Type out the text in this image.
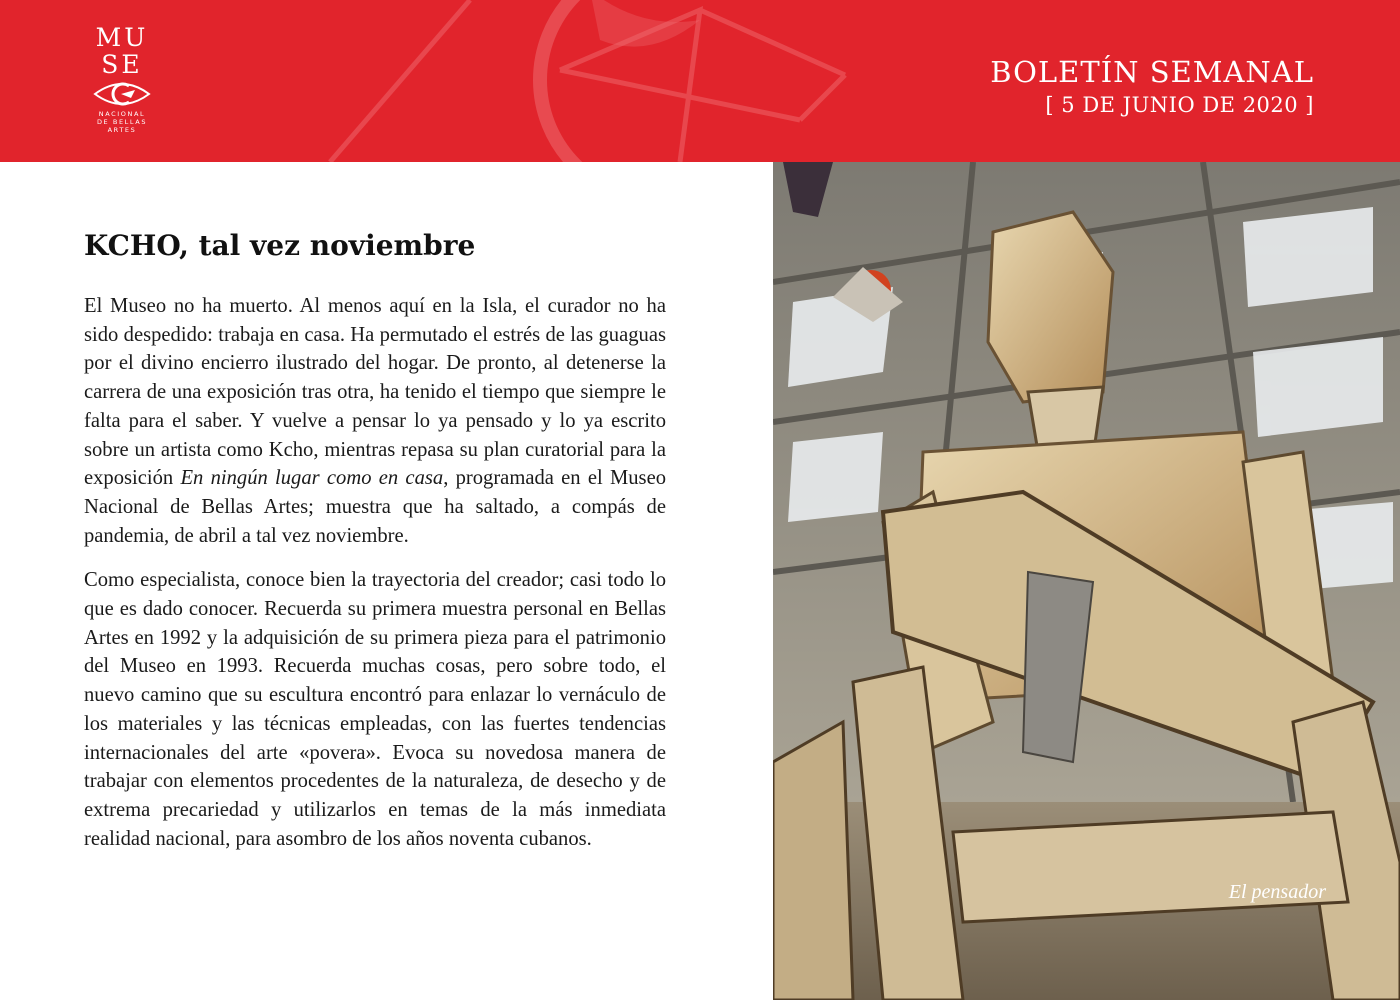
MU
SE
NACIONAL
DE BELLAS
ARTES
BOLETÍN SEMANAL
[ 5 DE JUNIO DE 2020 ]
KCHO, tal vez noviembre

El Museo no ha muerto. Al menos aquí en la Isla, el curador no ha sido despedido: trabaja en casa. Ha permutado el estrés de las guaguas por el divino encierro ilustrado del hogar. De pronto, al detenerse la carrera de una exposición tras otra, ha tenido el tiempo que siempre le falta para el saber. Y vuelve a pensar lo ya pensado y lo ya escrito sobre un artista como Kcho, mientras repasa su plan curatorial para la exposición En ningún lugar como en casa, programada en el Museo Nacional de Bellas Artes; muestra que ha saltado, a compás de pandemia, de abril a tal vez noviembre.

Como especialista, conoce bien la trayectoria del creador; casi todo lo que es dado conocer. Recuerda su primera muestra personal en Bellas Artes en 1992 y la adquisición de su primera pieza para el patrimonio del Museo en 1993. Recuerda muchas cosas, pero sobre todo, el nuevo camino que su escultura encontró para enlazar lo vernáculo de los materiales y las técnicas empleadas, con las fuertes tendencias internacionales del arte «povera». Evoca su novedosa manera de trabajar con elementos procedentes de la naturaleza, de desecho y de extrema precariedad y utilizarlos en temas de la más inmediata realidad nacional, para asombro de los años noventa cubanos.

El pensador
